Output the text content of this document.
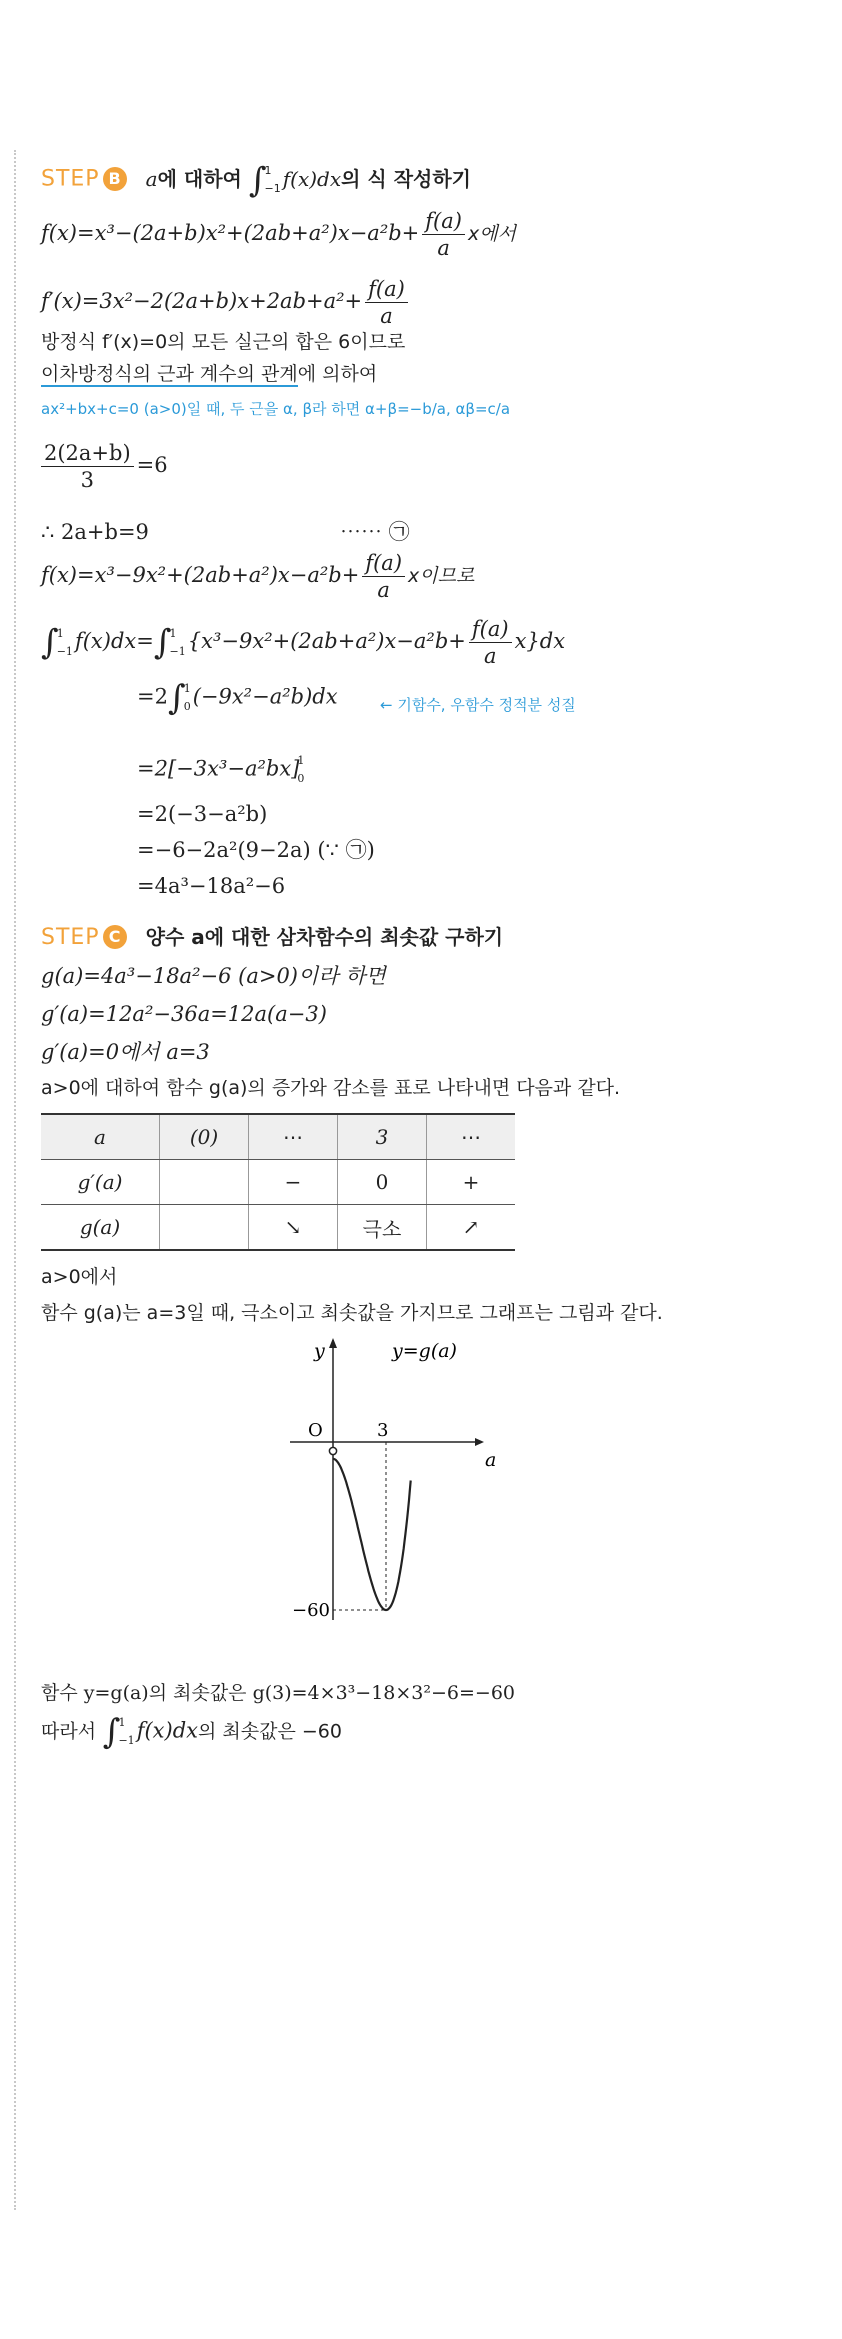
STEP B a에 대하여 ∫
1
−1 f(x)dx의 식 작성하기
$f(x)=x^3-(2a+b)x^2+(2ab+a^2)x-a^2b+ \frac{f(a)}{a}$ x에서
$f'(x)=3x^2-2(2a+b)x+2ab+a^2+ \frac{f(a)}{a}$
방정식 f′(x)=0의 모든 실근의 합은 6이므로
이차방정식의 근과 계수의 관계에 의하여
ax²+bx+c=0 (a>0)일 때, 두 근을 α, β라 하면 α+β=−b/a, αβ=c/a
$\frac{2(2a+b)}{3} =6$
∴ 2a+b=9	⋯⋯ ㉠
$f(x)=x^3-9x^2+(2ab+a^2)x-a^2b+ \frac{f(a)}{a}$ x이므로
∫
1
−1 f(x)dx=∫
1
−1 $\{x^3-9x^2+(2ab+a^2)x-a^2b+ \frac{f(a)}{a} x\}dx$
=2∫
1
0 (−9x²−a²b)dx	← 기함수, 우함수 정적분 성질
=2[−3x³−a²bx]
1
0
=2(−3−a²b)
=−6−2a²(9−2a) (∵ ㉠)
=4a³−18a²−6
STEP C 양수 a에 대한 삼차함수의 최솟값 구하기
g(a)=4a³−18a²−6 (a>0)이라 하면
g′(a)=12a²−36a=12a(a−3)
g′(a)=0에서 a=3
a>0에 대하여 함수 g(a)의 증가와 감소를 표로 나타내면 다음과 같다.
a	(0)	⋯	3	⋯
g′(a)		−	0	+
g(a)		↘	극소	↗
a>0에서
함수 g(a)는 a=3일 때, 극소이고 최솟값을 가지므로 그래프는 그림과 같다.
y
a
O	3
−60
y=g(a)
함수 y=g(a)의 최솟값은 g(3)=4×3³−18×3²−6=−60
따라서 ∫
1
−1 f(x)dx의 최솟값은 −60
